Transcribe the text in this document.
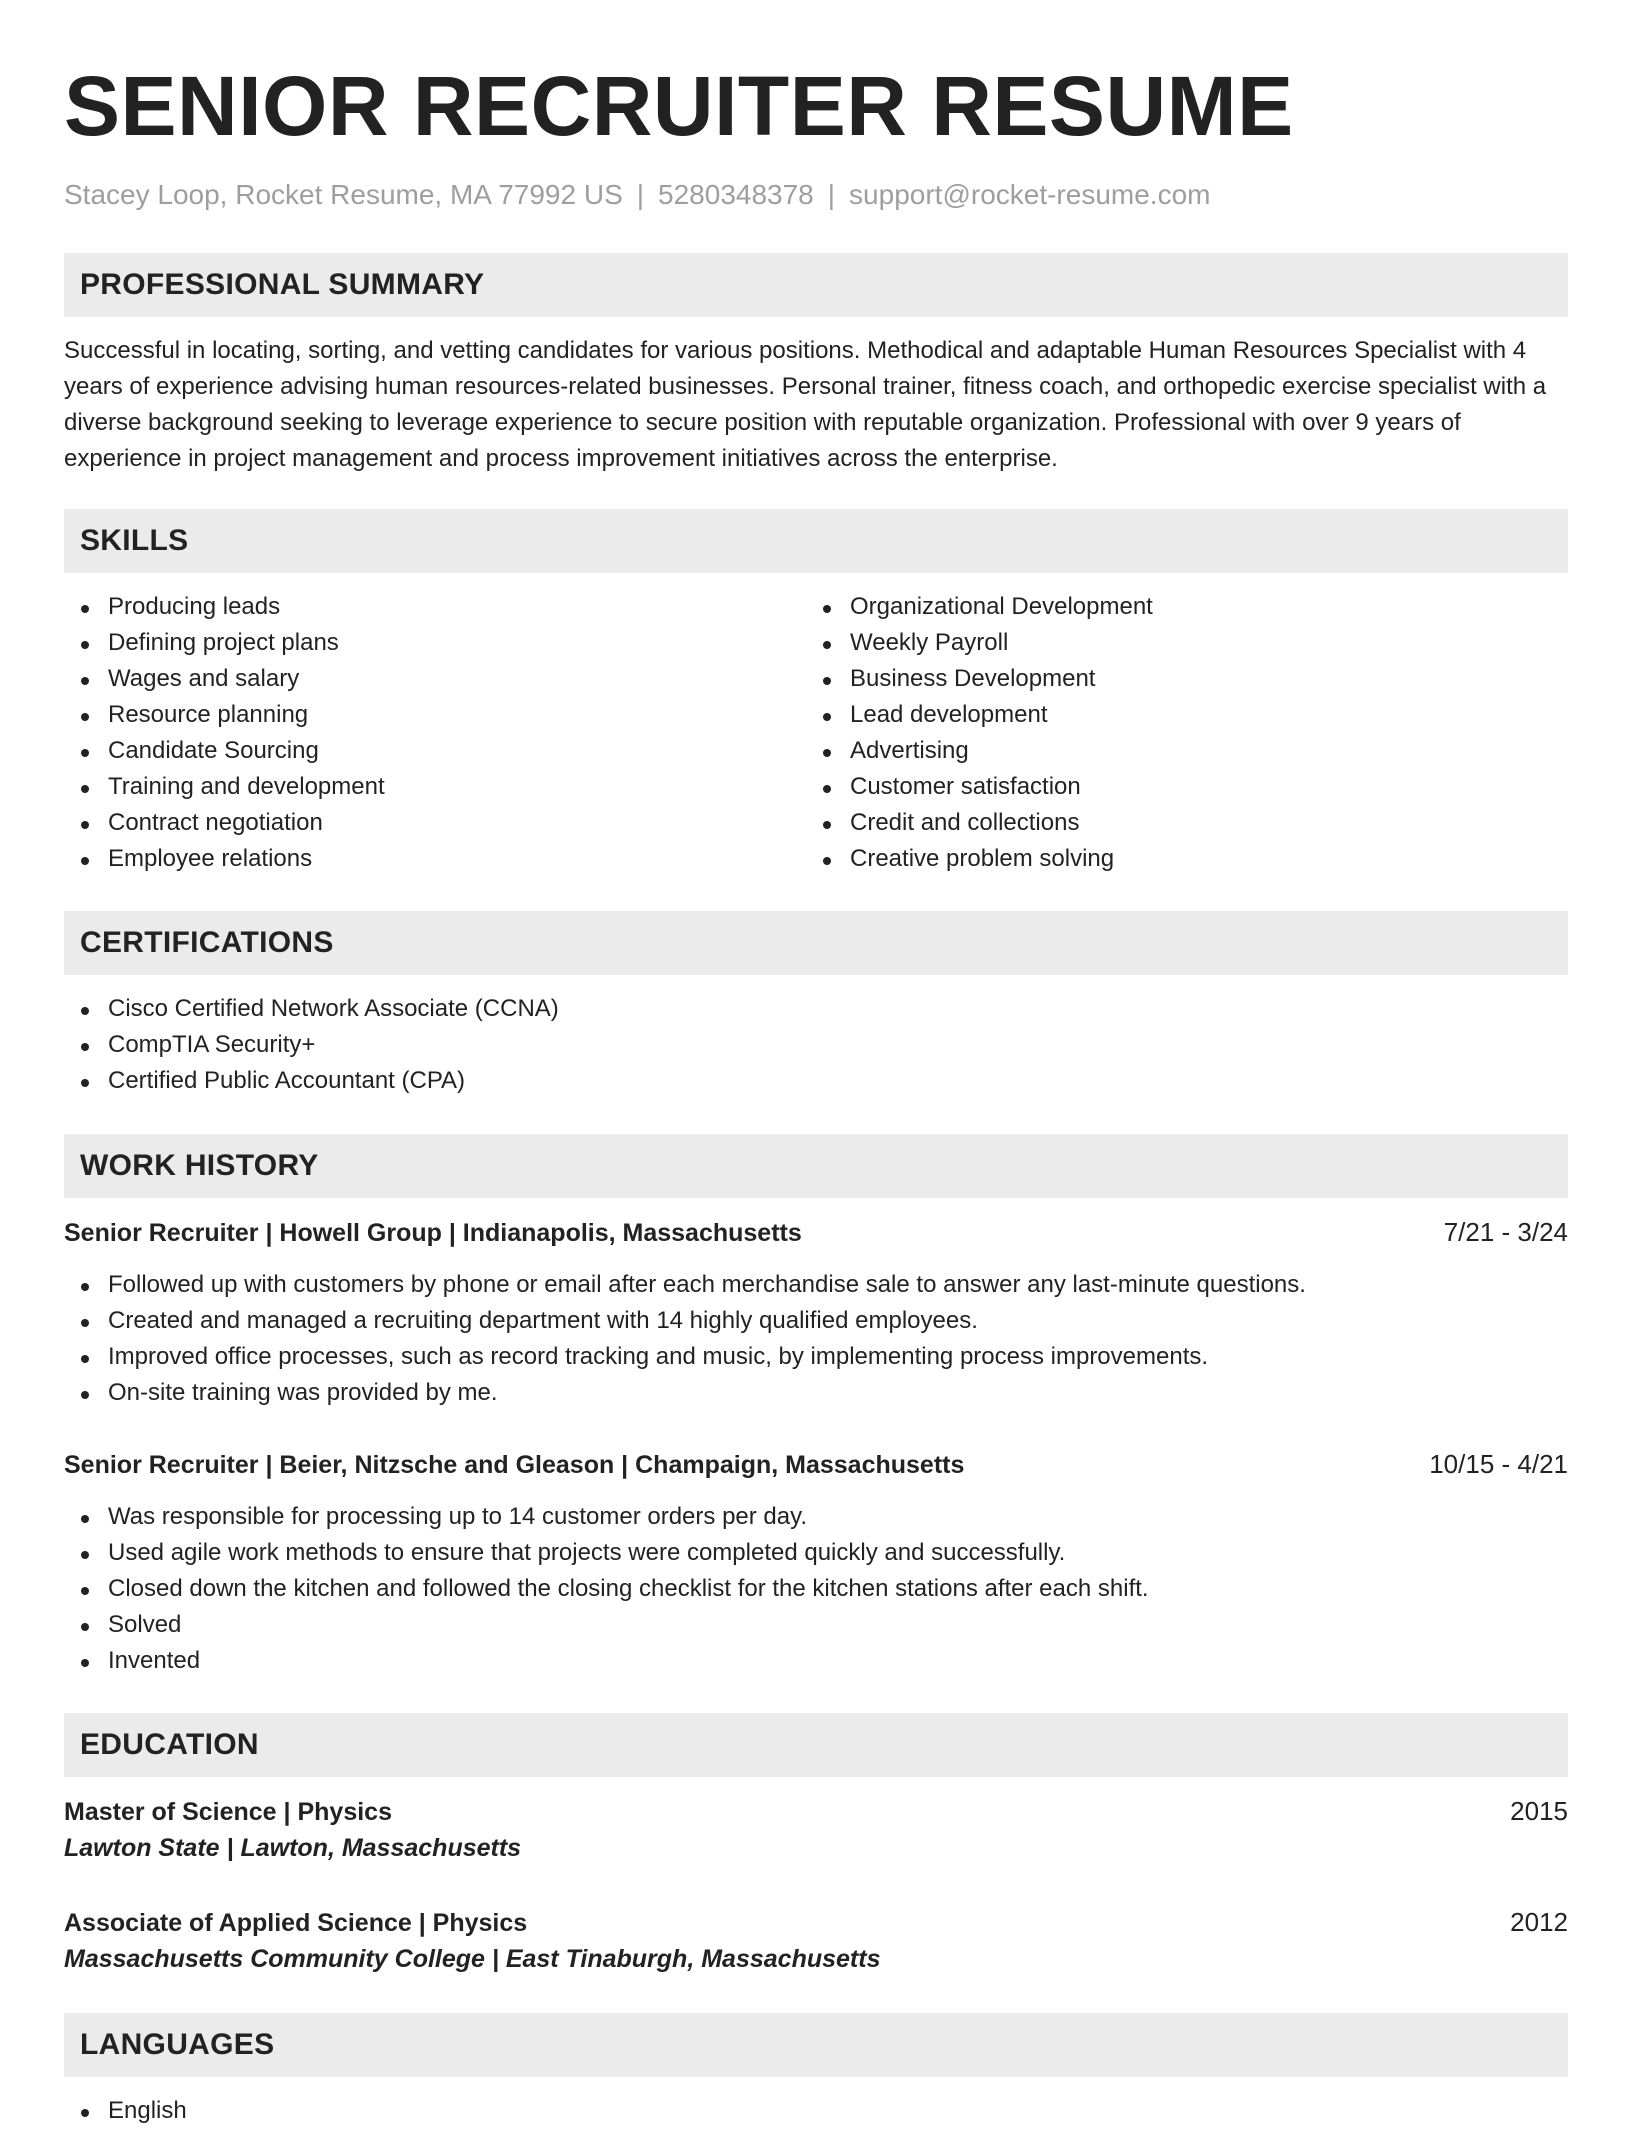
SENIOR RECRUITER RESUME
Stacey Loop, Rocket Resume, MA 77992 US | 5280348378 | support@rocket-resume.com
PROFESSIONAL SUMMARY

Successful in locating, sorting, and vetting candidates for various positions. Methodical and adaptable Human Resources Specialist with 4 years of experience advising human resources-related businesses. Personal trainer, fitness coach, and orthopedic exercise specialist with a diverse background seeking to leverage experience to secure position with reputable organization. Professional with over 9 years of experience in project management and process improvement initiatives across the enterprise.

SKILLS
Producing leads
Defining project plans
Wages and salary
Resource planning
Candidate Sourcing
Training and development
Contract negotiation
Employee relations
Organizational Development
Weekly Payroll
Business Development
Lead development
Advertising
Customer satisfaction
Credit and collections
Creative problem solving
CERTIFICATIONS
Cisco Certified Network Associate (CCNA)
CompTIA Security+
Certified Public Accountant (CPA)
WORK HISTORY
Senior Recruiter | Howell Group | Indianapolis, Massachusetts	7/21 - 3/24
Followed up with customers by phone or email after each merchandise sale to answer any last-minute questions.
Created and managed a recruiting department with 14 highly qualified employees.
Improved office processes, such as record tracking and music, by implementing process improvements.
On-site training was provided by me.
Senior Recruiter | Beier, Nitzsche and Gleason | Champaign, Massachusetts	10/15 - 4/21
Was responsible for processing up to 14 customer orders per day.
Used agile work methods to ensure that projects were completed quickly and successfully.
Closed down the kitchen and followed the closing checklist for the kitchen stations after each shift.
Solved
Invented
EDUCATION
Master of Science | Physics	2015
Lawton State | Lawton, Massachusetts
Associate of Applied Science | Physics	2012
Massachusetts Community College | East Tinaburgh, Massachusetts
LANGUAGES
English
